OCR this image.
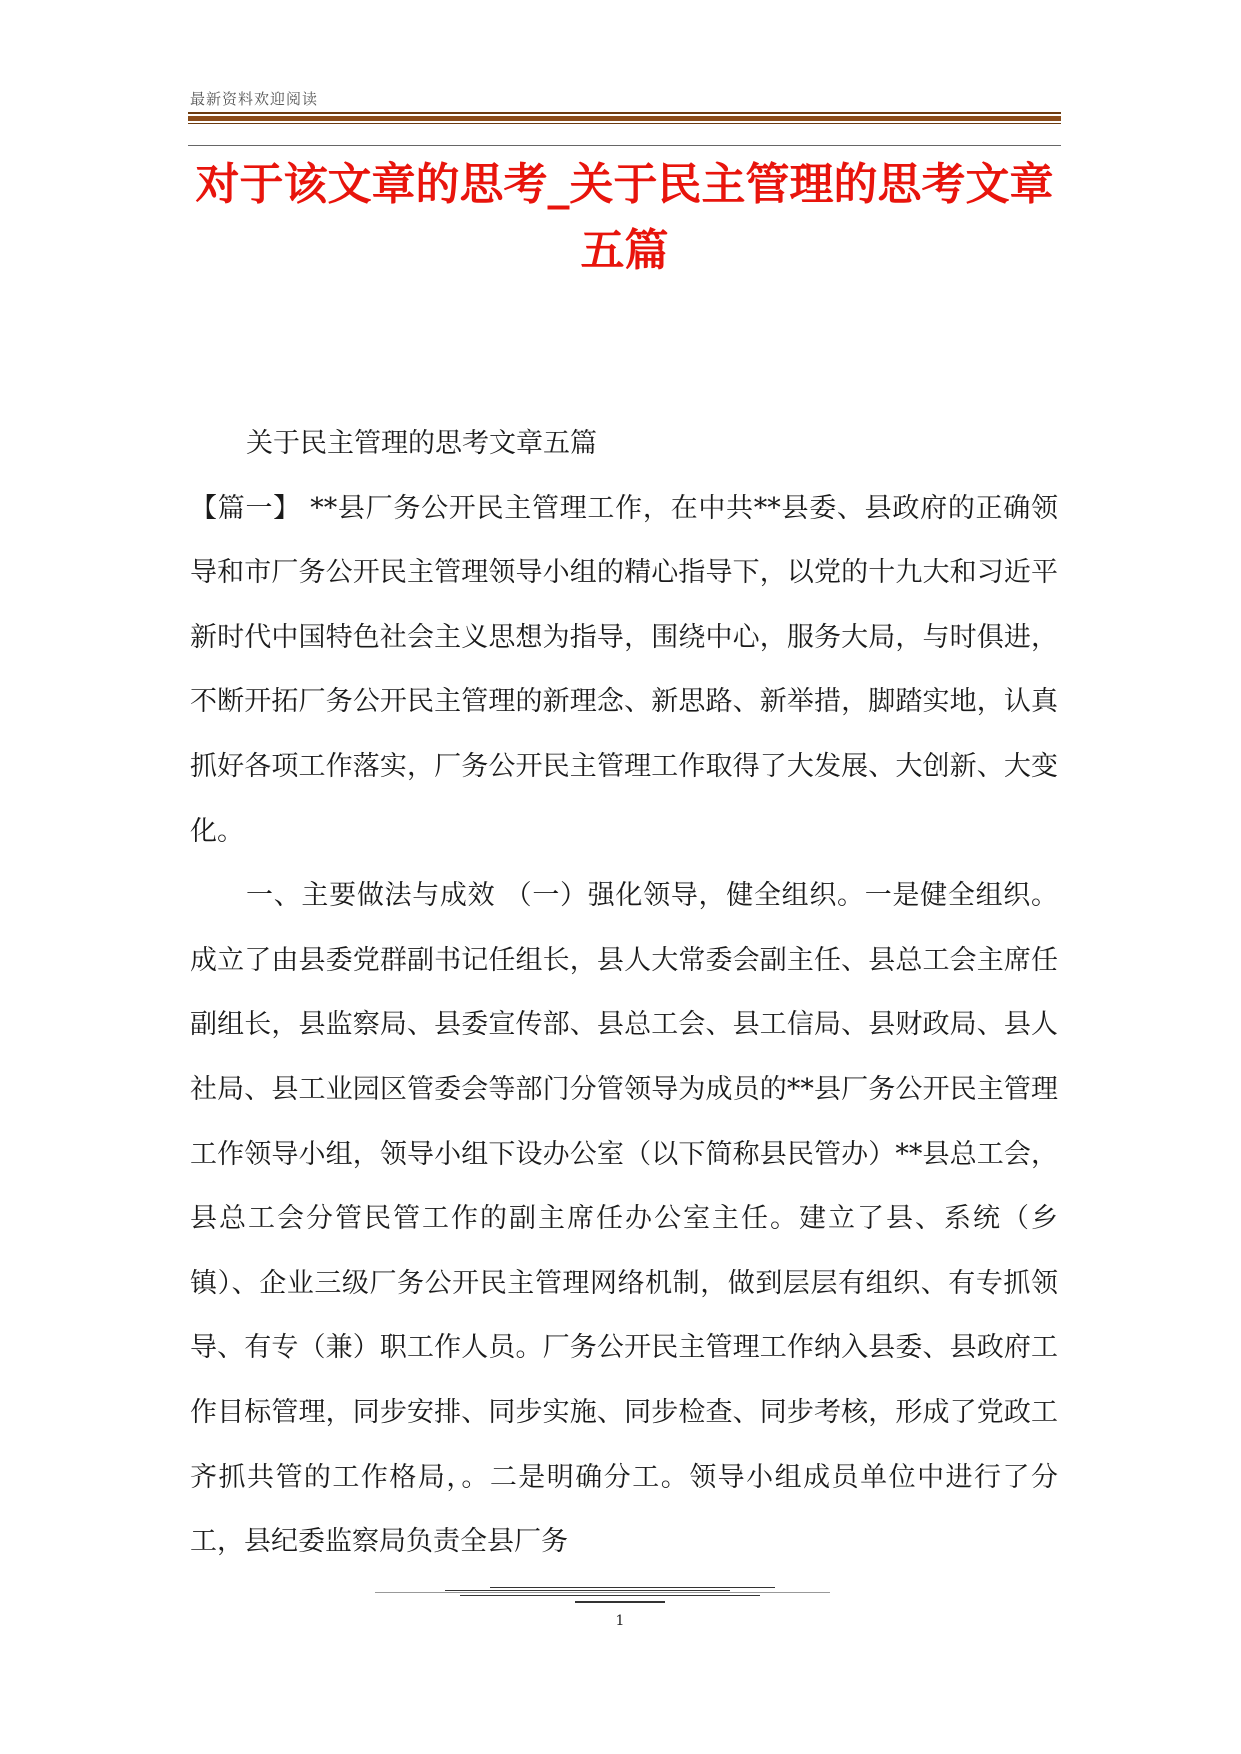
最新资料欢迎阅读
对于该文章的思考_关于民主管理的思考文章五篇

关于民主管理的思考文章五篇

【篇一】 **县厂务公开民主管理工作，在中共**县委、县政府的正确领导和市厂务公开民主管理领导小组的精心指导下，以党的十九大和习近平新时代中国特色社会主义思想为指导，围绕中心，服务大局，与时俱进，不断开拓厂务公开民主管理的新理念、新思路、新举措，脚踏实地，认真抓好各项工作落实，厂务公开民主管理工作取得了大发展、大创新、大变化。

一、主要做法与成效 （一）强化领导，健全组织。一是健全组织。成立了由县委党群副书记任组长，县人大常委会副主任、县总工会主席任副组长，县监察局、县委宣传部、县总工会、县工信局、县财政局、县人社局、县工业园区管委会等部门分管领导为成员的**县厂务公开民主管理工作领导小组，领导小组下设办公室（以下简称县民管办）**县总工会，县总工会分管民管工作的副主席任办公室主任。建立了县、系统（乡镇）、企业三级厂务公开民主管理网络机制，做到层层有组织、有专抓领导、有专（兼）职工作人员。厂务公开民主管理工作纳入县委、县政府工作目标管理，同步安排、同步实施、同步检查、同步考核，形成了党政工齐抓共管的工作格局，。二是明确分工。领导小组成员单位中进行了分工，县纪委监察局负责全县厂务

1
